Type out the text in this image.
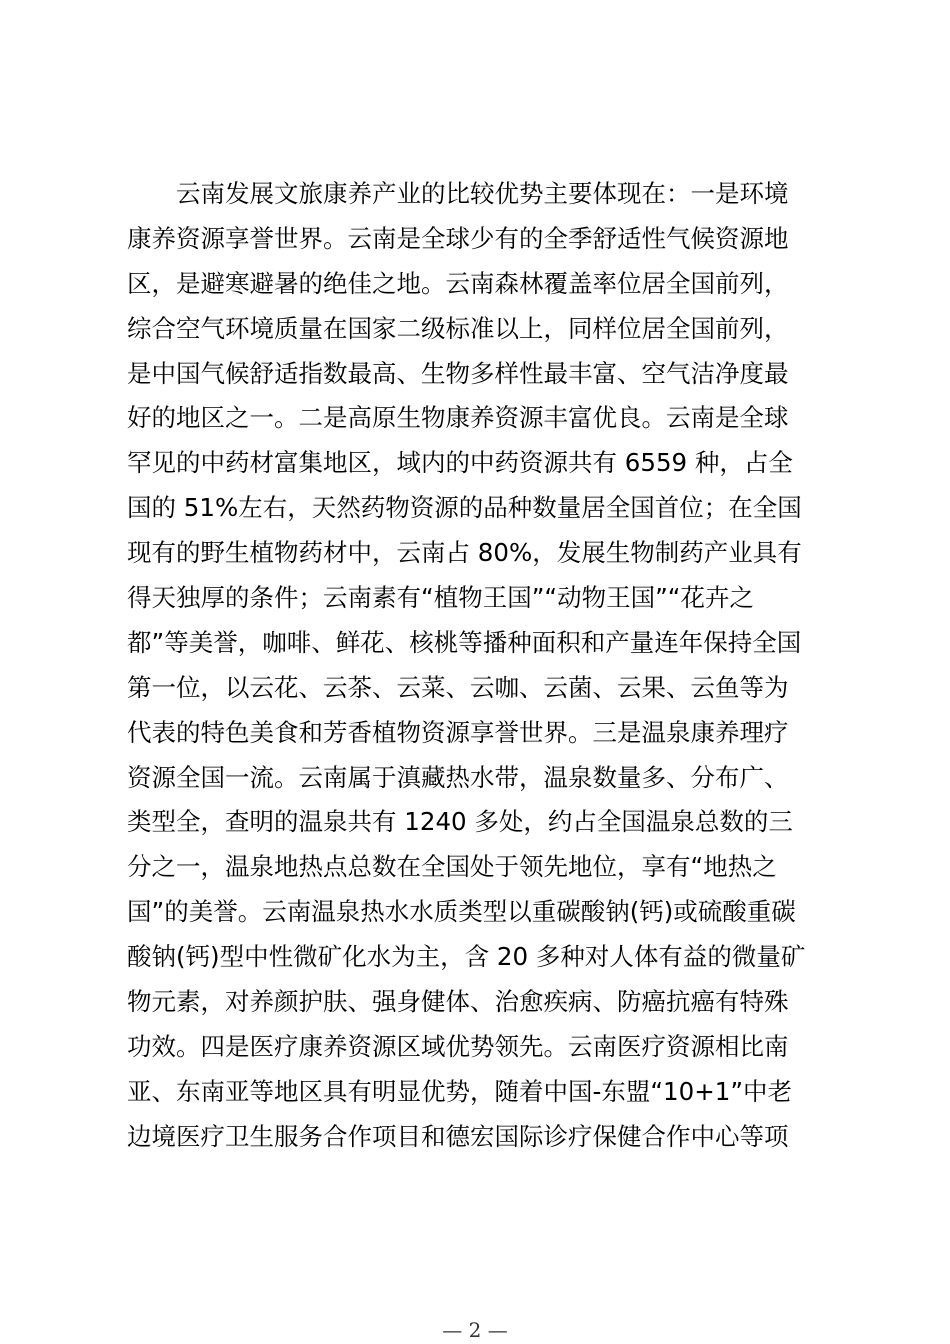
　　云南发展文旅康养产业的比较优势主要体现在：一是环境
康养资源享誉世界。云南是全球少有的全季舒适性气候资源地
区，是避寒避暑的绝佳之地。云南森林覆盖率位居全国前列，
综合空气环境质量在国家二级标准以上，同样位居全国前列，
是中国气候舒适指数最高、生物多样性最丰富、空气洁净度最
好的地区之一。二是高原生物康养资源丰富优良。云南是全球
罕见的中药材富集地区，域内的中药资源共有 6559 种，占全
国的 51%左右，天然药物资源的品种数量居全国首位；在全国
现有的野生植物药材中，云南占 80%，发展生物制药产业具有
得天独厚的条件；云南素有“植物王国”“动物王国”“花卉之
都”等美誉，咖啡、鲜花、核桃等播种面积和产量连年保持全国
第一位，以云花、云茶、云菜、云咖、云菌、云果、云鱼等为
代表的特色美食和芳香植物资源享誉世界。三是温泉康养理疗
资源全国一流。云南属于滇藏热水带，温泉数量多、分布广、
类型全，查明的温泉共有 1240 多处，约占全国温泉总数的三
分之一，温泉地热点总数在全国处于领先地位，享有“地热之
国”的美誉。云南温泉热水水质类型以重碳酸钠(钙)或硫酸重碳
酸钠(钙)型中性微矿化水为主，含 20 多种对人体有益的微量矿
物元素，对养颜护肤、强身健体、治愈疾病、防癌抗癌有特殊
功效。四是医疗康养资源区域优势领先。云南医疗资源相比南
亚、东南亚等地区具有明显优势，随着中国-东盟“10+1”中老
边境医疗卫生服务合作项目和德宏国际诊疗保健合作中心等项
— 2 —
